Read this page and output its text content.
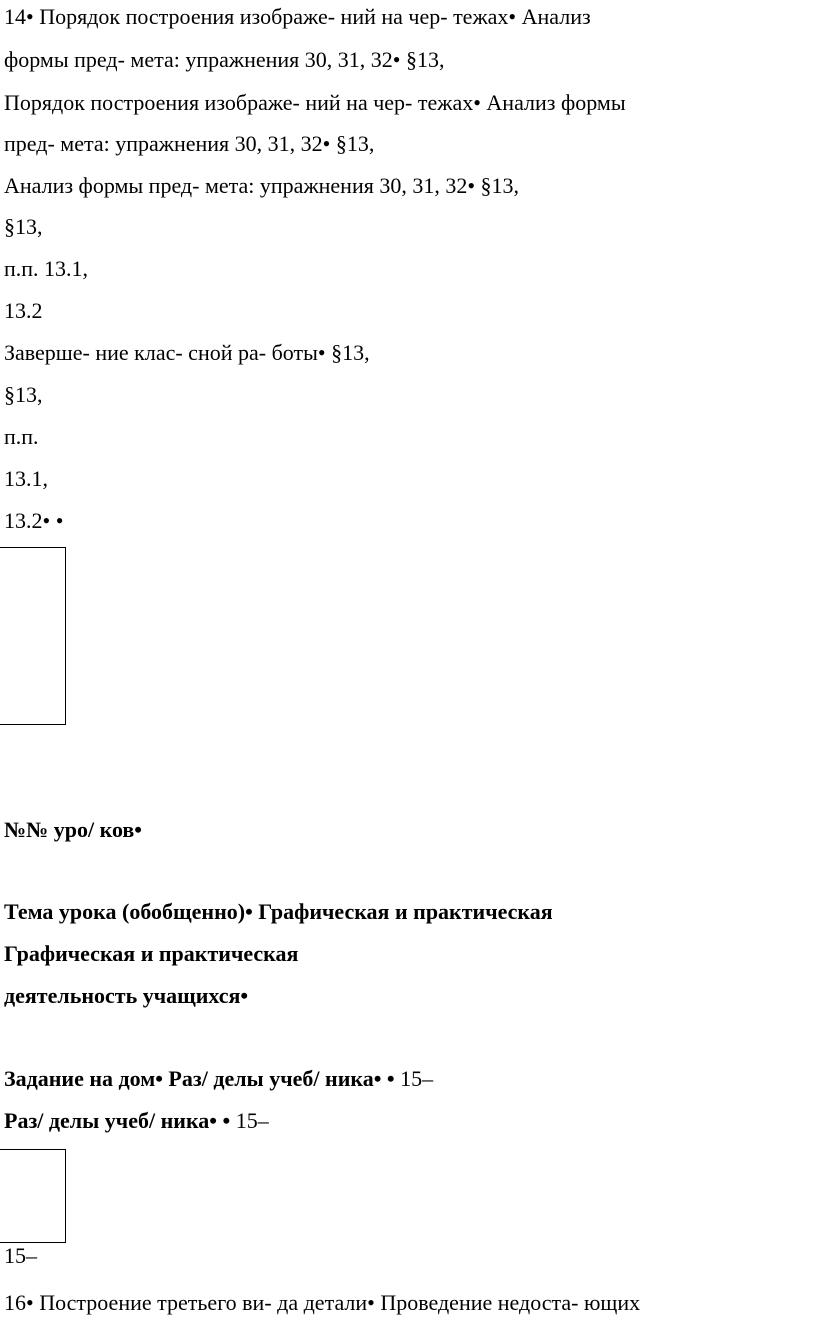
14• Порядок построения изображе- ний на чер- тежах• Анализ
формы пред- мета: упражнения 30, 31, 32• §13,
Порядок построения изображе- ний на чер- тежах• Анализ формы
пред- мета: упражнения 30, 31, 32• §13,
Анализ формы пред- мета: упражнения 30, 31, 32• §13,
§13,
п.п. 13.1,
13.2
Заверше- ние клас- сной ра- боты• §13,
§13,
п.п.
13.1,
13.2• •
№№ уро/ ков•
Тема урока (обобщенно)• Графическая и практическая
Графическая и практическая
деятельность учащихся•
Задание на дом• Раз/ делы учеб/ ника• • 15–
Раз/ делы учеб/ ника• • 15–
15–
16• Построение третьего ви- да детали• Проведение недоста- ющих
